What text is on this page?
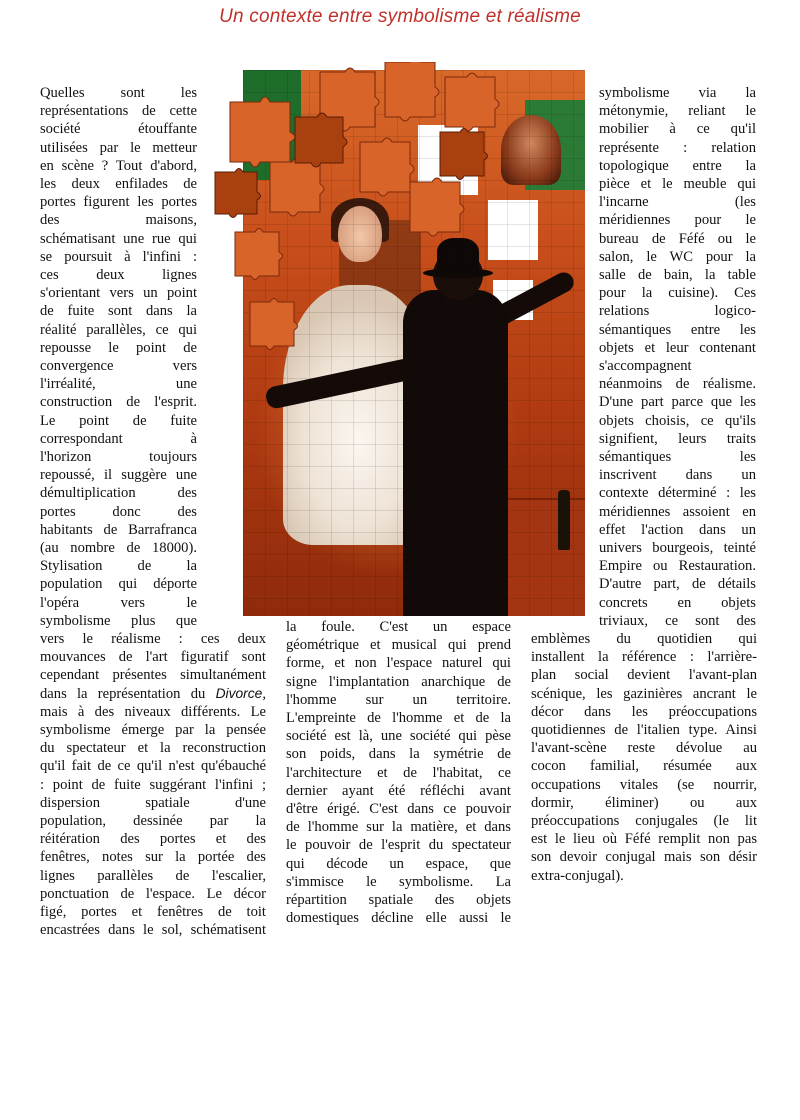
Un contexte entre symbolisme et réalisme
Quelles sont les
représentations de cette
société étouffante
utilisées par le metteur
en scène ? Tout d'abord,
les deux enfilades de
portes figurent les portes
des maisons,
schématisant une rue qui
se poursuit à l'infini :
ces deux lignes
s'orientant vers un point
de fuite sont dans la
réalité parallèles, ce qui
repousse le point de
convergence vers
l'irréalité, une
construction de l'esprit.
Le point de fuite
correspondant à
l'horizon toujours
repoussé, il suggère une
démultiplication des
portes donc des
habitants de Barrafranca
(au nombre de 18000).
Stylisation de la
population qui déporte
l'opéra vers le
symbolisme plus que
vers le réalisme : ces deux
mouvances de l'art figuratif sont
cependant présentes simultanément
dans la représentation du Divorce,
mais à des niveaux différents. Le
symbolisme émerge par la pensée
du spectateur et la reconstruction
qu'il fait de ce qu'il n'est qu'ébauché
: point de fuite suggérant l'infini ;
dispersion spatiale d'une
population, dessinée par la
réitération des portes et des
fenêtres, notes sur la portée des
lignes parallèles de l'escalier,
ponctuation de l'espace. Le décor
figé, portes et fenêtres de toit
encastrées dans le sol, schématisent
la foule. C'est un espace
géométrique et musical qui prend
forme, et non l'espace naturel qui
signe l'implantation anarchique de
l'homme sur un territoire.
L'empreinte de l'homme et de la
société est là, une société qui pèse
son poids, dans la symétrie de
l'architecture et de l'habitat, ce
dernier ayant été réfléchi avant
d'être érigé. C'est dans ce pouvoir
de l'homme sur la matière, et dans
le pouvoir de l'esprit du spectateur
qui décode un espace, que
s'immisce le symbolisme. La
répartition spatiale des objets
domestiques décline elle aussi le
symbolisme via la
métonymie, reliant le
mobilier à ce qu'il
représente : relation
topologique entre la
pièce et le meuble qui
l'incarne (les
méridiennes pour le
bureau de Féfé ou le
salon, le WC pour la
salle de bain, la table
pour la cuisine). Ces
relations logico-
sémantiques entre les
objets et leur contenant
s'accompagnent
néanmoins de réalisme.
D'une part parce que les
objets choisis, ce qu'ils
signifient, leurs traits
sémantiques les
inscrivent dans un
contexte déterminé : les
méridiennes assoient en
effet l'action dans un
univers bourgeois, teinté
Empire ou Restauration.
D'autre part, de détails
concrets en objets
triviaux, ce sont des
emblèmes du quotidien qui
installent la référence : l'arrière-
plan social devient l'avant-plan
scénique, les gazinières ancrant le
décor dans les préoccupations
quotidiennes de l'italien type. Ainsi
l'avant-scène reste dévolue au
cocon familial, résumée aux
occupations vitales (se nourrir,
dormir, éliminer) ou aux
préoccupations conjugales (le lit
est le lieu où Féfé remplit non pas
son devoir conjugal mais son désir
extra-conjugal).
